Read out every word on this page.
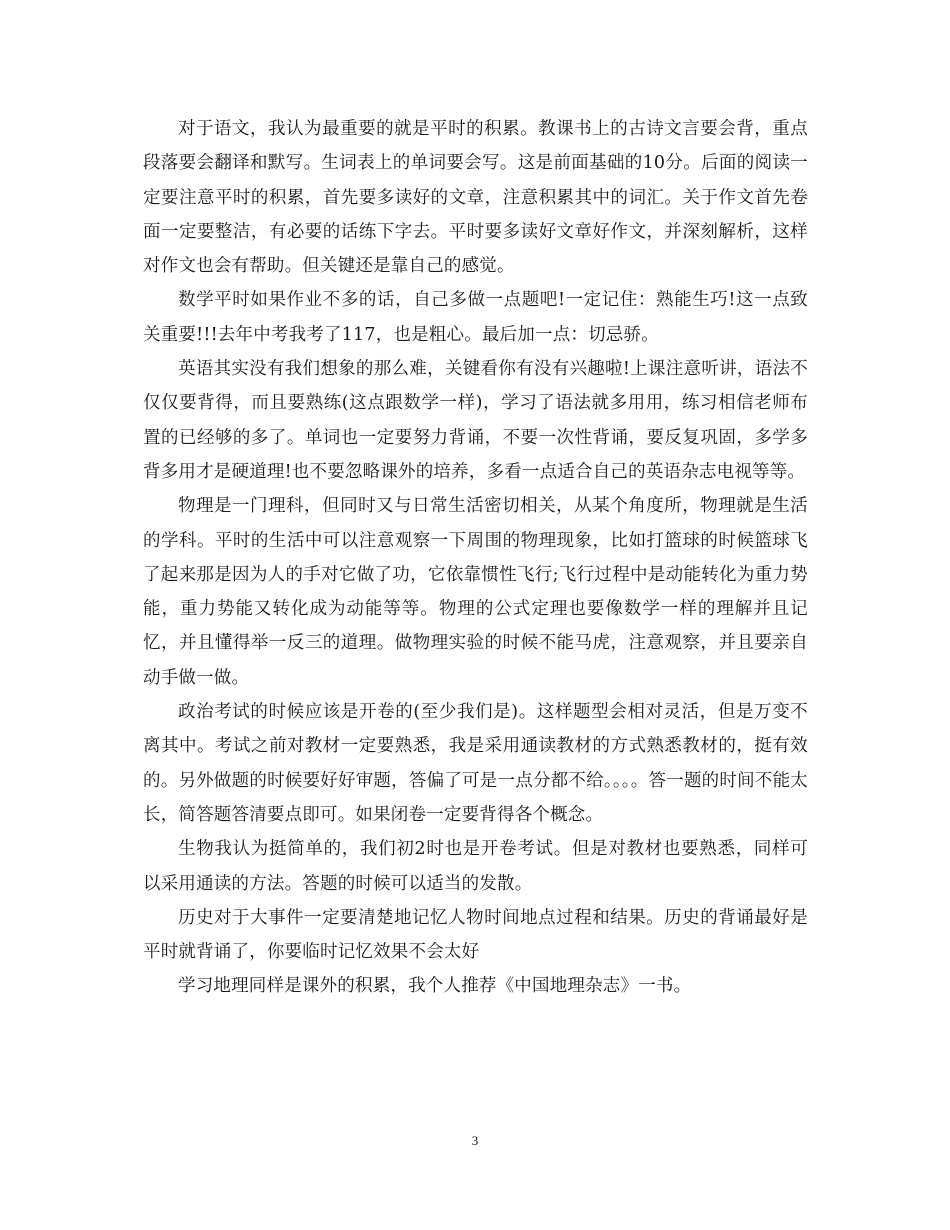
对于语文，我认为最重要的就是平时的积累。教课书上的古诗文言要会背，重点段落要会翻译和默写。生词表上的单词要会写。这是前面基础的10分。后面的阅读一定要注意平时的积累，首先要多读好的文章，注意积累其中的词汇。关于作文首先卷面一定要整洁，有必要的话练下字去。平时要多读好文章好作文，并深刻解析，这样对作文也会有帮助。但关键还是靠自己的感觉。

数学平时如果作业不多的话，自己多做一点题吧!一定记住：熟能生巧!这一点致关重要!!!去年中考我考了117，也是粗心。最后加一点：切忌骄。

英语其实没有我们想象的那么难，关键看你有没有兴趣啦!上课注意听讲，语法不仅仅要背得，而且要熟练(这点跟数学一样)，学习了语法就多用用，练习相信老师布置的已经够的多了。单词也一定要努力背诵，不要一次性背诵，要反复巩固，多学多背多用才是硬道理!也不要忽略课外的培养，多看一点适合自己的英语杂志电视等等。

物理是一门理科，但同时又与日常生活密切相关，从某个角度所，物理就是生活的学科。平时的生活中可以注意观察一下周围的物理现象，比如打篮球的时候篮球飞了起来那是因为人的手对它做了功，它依靠惯性飞行;飞行过程中是动能转化为重力势能，重力势能又转化成为动能等等。物理的公式定理也要像数学一样的理解并且记忆，并且懂得举一反三的道理。做物理实验的时候不能马虎，注意观察，并且要亲自动手做一做。

政治考试的时候应该是开卷的(至少我们是)。这样题型会相对灵活，但是万变不离其中。考试之前对教材一定要熟悉，我是采用通读教材的方式熟悉教材的，挺有效的。另外做题的时候要好好审题，答偏了可是一点分都不给。。。。答一题的时间不能太长，简答题答清要点即可。如果闭卷一定要背得各个概念。

生物我认为挺简单的，我们初2时也是开卷考试。但是对教材也要熟悉，同样可以采用通读的方法。答题的时候可以适当的发散。

历史对于大事件一定要清楚地记忆人物时间地点过程和结果。历史的背诵最好是平时就背诵了，你要临时记忆效果不会太好

学习地理同样是课外的积累，我个人推荐《中国地理杂志》一书。

3
